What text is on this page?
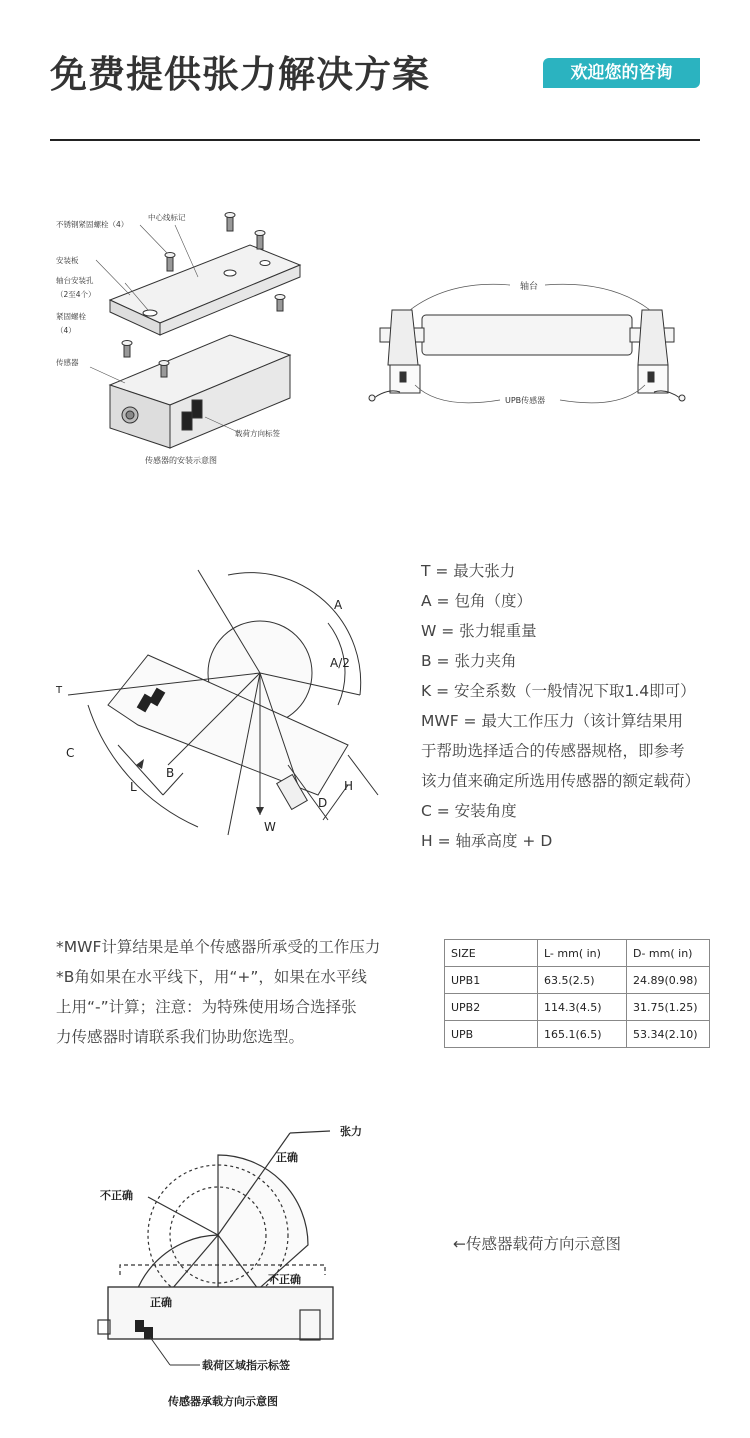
免费提供张力解决方案	欢迎您的咨询
不锈钢紧固螺栓（4）
中心线标记
安装板
轴台安装孔
（2至4个）
紧固螺栓
（4）
传感器
载荷方向标签
传感器的安装示意图
轴台
UPB传感器
A
A/2
B
C
L
D
H
W
T
T = 最大张力
A = 包角（度）
W = 张力辊重量
B = 张力夹角
K = 安全系数（一般情况下取1.4即可）
MWF = 最大工作压力（该计算结果用
于帮助选择适合的传感器规格，即参考
该力值来确定所选用传感器的额定载荷）
C = 安装角度
H = 轴承高度 + D
*MWF计算结果是单个传感器所承受的工作压力
*B角如果在水平线下，用“+”，如果在水平线
上用“-”计算；注意：为特殊使用场合选择张
力传感器时请联系我们协助您选型。
SIZE	L- mm( in)	D- mm( in)
UPB1	63.5(2.5)	24.89(0.98)
UPB2	114.3(4.5)	31.75(1.25)
UPB	165.1(6.5)	53.34(2.10)
张力
正确
不正确
不正确
正确
载荷区域指示标签
传感器承载方向示意图
←传感器载荷方向示意图
